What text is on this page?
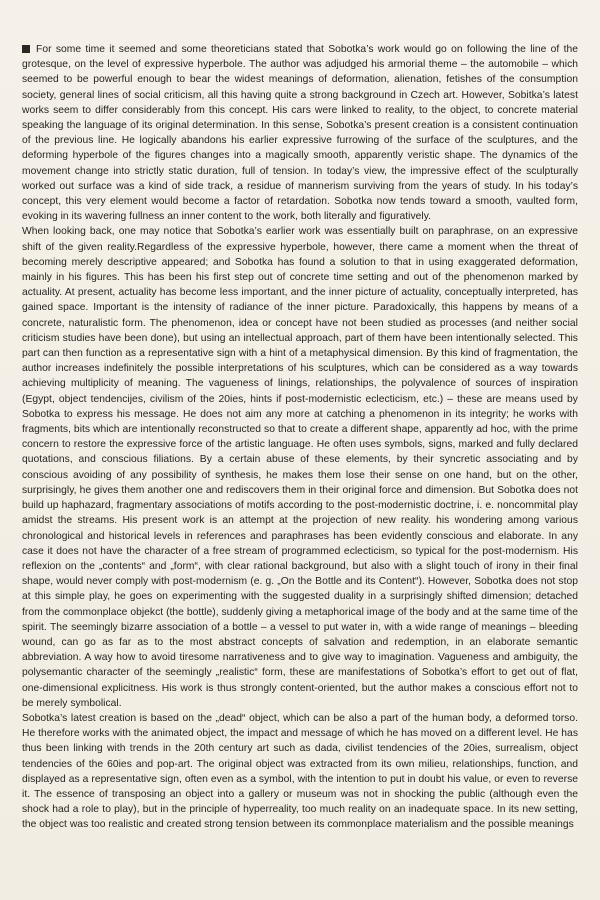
For some time it seemed and some theoreticians stated that Sobotka’s work would go on following the line of the grotesque, on the level of expressive hyperbole. The author was adjudged his armorial theme – the automobile – which seemed to be powerful enough to bear the widest meanings of deformation, alienation, fetishes of the consumption society, general lines of social criticism, all this having quite a strong background in Czech art. However, Sobitka’s latest works seem to differ considerably from this concept. His cars were linked to reality, to the object, to concrete material speaking the language of its original determination. In this sense, Sobotka’s present creation is a consistent continuation of the previous line. He logically abandons his earlier expressive furrowing of the surface of the sculptures, and the deforming hyperbole of the figures changes into a magically smooth, apparently veristic shape. The dynamics of the movement change into strictly static duration, full of tension. In today’s view, the impressive effect of the sculpturally worked out surface was a kind of side track, a residue of mannerism surviving from the years of study. In his today’s concept, this very element would become a factor of retardation. Sobotka now tends toward a smooth, vaulted form, evoking in its wavering fullness an inner content to the work, both literally and figuratively.

When looking back, one may notice that Sobotka’s earlier work was essentially built on paraphrase, on an expressive shift of the given reality.Regardless of the expressive hyperbole, however, there came a moment when the threat of becoming merely descriptive appeared; and Sobotka has found a solution to that in using exaggerated deformation, mainly in his figures. This has been his first step out of concrete time setting and out of the phenomenon marked by actuality. At present, actuality has become less important, and the inner picture of actuality, conceptually interpreted, has gained space. Important is the intensity of radiance of the inner picture. Paradoxically, this happens by means of a concrete, naturalistic form. The phenomenon, idea or concept have not been studied as processes (and neither social criticism studies have been done), but using an intellectual approach, part of them have been intentionally selected. This part can then function as a representative sign with a hint of a metaphysical dimension. By this kind of fragmentation, the author increases indefinitely the possible interpretations of his sculptures, which can be considered as a way towards achieving multiplicity of meaning. The vagueness of linings, relationships, the polyvalence of sources of inspiration (Egypt, object tendencijes, civilism of the 20ies, hints if post-modernistic eclecticism, etc.) – these are means used by Sobotka to express his message. He does not aim any more at catching a phenomenon in its integrity; he works with fragments, bits which are intentionally reconstructed so that to create a different shape, apparently ad hoc, with the prime concern to restore the expressive force of the artistic language. He often uses symbols, signs, marked and fully declared quotations, and conscious filiations. By a certain abuse of these elements, by their syncretic associating and by conscious avoiding of any possibility of synthesis, he makes them lose their sense on one hand, but on the other, surprisingly, he gives them another one and rediscovers them in their original force and dimension. But Sobotka does not build up haphazard, fragmentary associations of motifs according to the post-modernistic doctrine, i. e. noncommital play amidst the streams. His present work is an attempt at the projection of new reality. his wondering among various chronological and historical levels in references and paraphrases has been evidently conscious and elaborate. In any case it does not have the character of a free stream of programmed eclecticism, so typical for the post-modernism. His reflexion on the „contents“ and „form“, with clear rational background, but also with a slight touch of irony in their final shape, would never comply with post-modernism (e. g. „On the Bottle and its Content“). However, Sobotka does not stop at this simple play, he goes on experimenting with the suggested duality in a surprisingly shifted dimension; detached from the commonplace objekct (the bottle), suddenly giving a metaphorical image of the body and at the same time of the spirit. The seemingly bizarre association of a bottle – a vessel to put water in, with a wide range of meanings – bleeding wound, can go as far as to the most abstract concepts of salvation and redemption, in an elaborate semantic abbreviation. A way how to avoid tiresome narrativeness and to give way to imagination. Vagueness and ambiguity, the polysemantic character of the seemingly „realistic“ form, these are manifestations of Sobotka’s effort to get out of flat, one-dimensional explicitness. His work is thus strongly content-oriented, but the author makes a conscious effort not to be merely symbolical.

Sobotka’s latest creation is based on the „dead“ object, which can be also a part of the human body, a deformed torso. He therefore works with the animated object, the impact and message of which he has moved on a different level. He has thus been linking with trends in the 20th century art such as dada, civilist tendencies of the 20ies, surrealism, object tendencies of the 60ies and pop-art. The original object was extracted from its own milieu, relationships, function, and displayed as a representative sign, often even as a symbol, with the intention to put in doubt his value, or even to reverse it. The essence of transposing an object into a gallery or museum was not in shocking the public (although even the shock had a role to play), but in the principle of hyperreality, too much reality on an inadequate space. In its new setting, the object was too realistic and created strong tension between its commonplace materialism and the possible meanings
